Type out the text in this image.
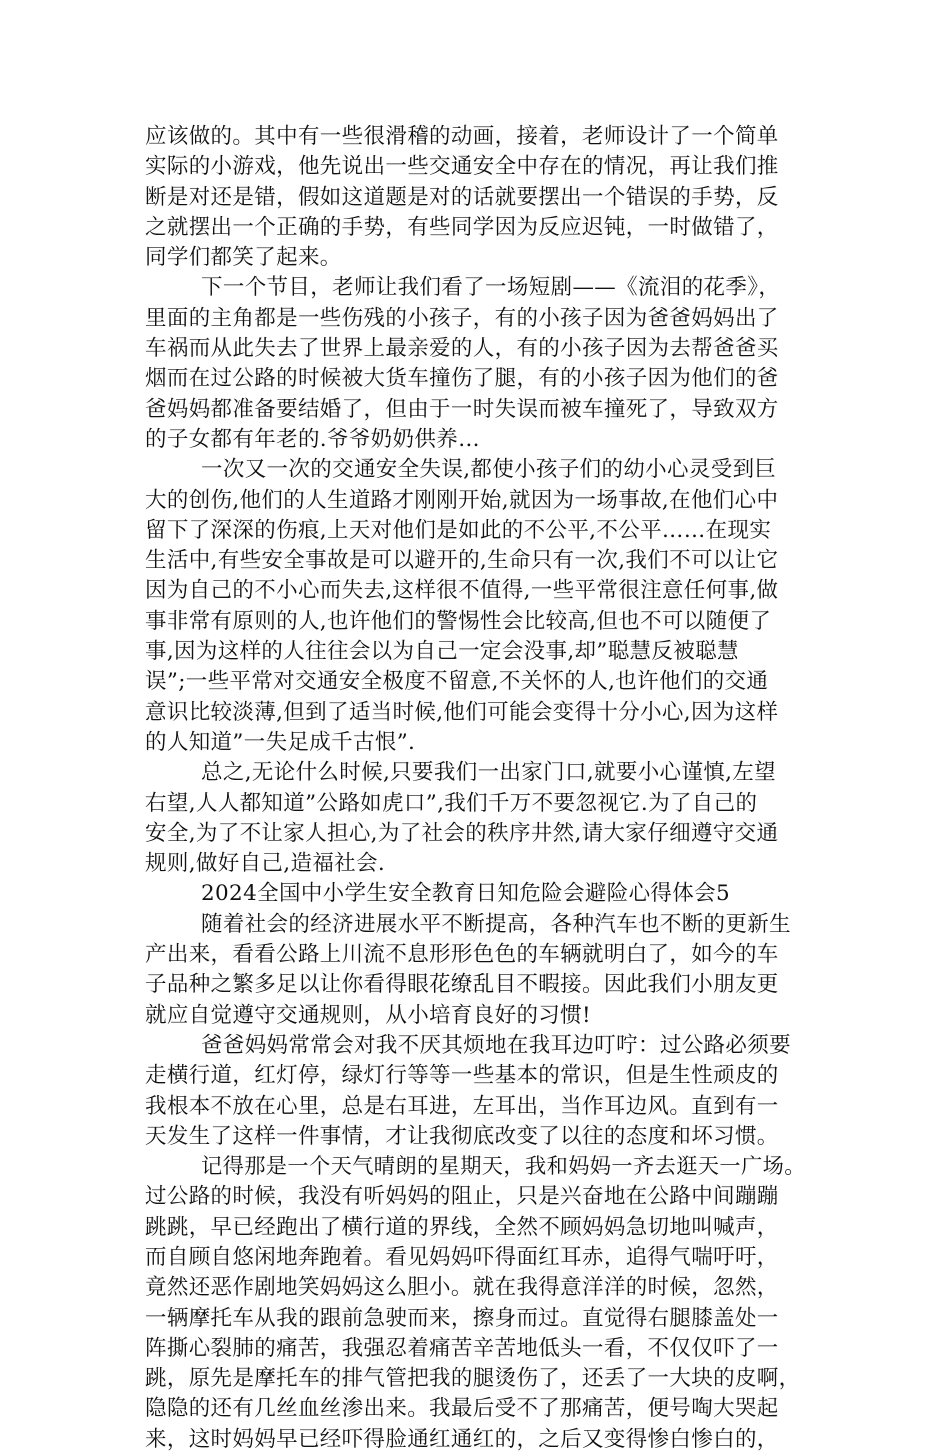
应该做的。其中有一些很滑稽的动画，接着，老师设计了一个简单
实际的小游戏，他先说出一些交通安全中存在的情况，再让我们推
断是对还是错，假如这道题是对的话就要摆出一个错误的手势，反
之就摆出一个正确的手势，有些同学因为反应迟钝，一时做错了，
同学们都笑了起来。
下一个节目，老师让我们看了一场短剧——《流泪的花季》，
里面的主角都是一些伤残的小孩子，有的小孩子因为爸爸妈妈出了
车祸而从此失去了世界上最亲爱的人，有的小孩子因为去帮爸爸买
烟而在过公路的时候被大货车撞伤了腿，有的小孩子因为他们的爸
爸妈妈都准备要结婚了，但由于一时失误而被车撞死了，导致双方
的子女都有年老的.爷爷奶奶供养…
一次又一次的交通安全失误,都使小孩子们的幼小心灵受到巨
大的创伤,他们的人生道路才刚刚开始,就因为一场事故,在他们心中
留下了深深的伤痕,上天对他们是如此的不公平,不公平……在现实
生活中,有些安全事故是可以避开的,生命只有一次,我们不可以让它
因为自己的不小心而失去,这样很不值得,一些平常很注意任何事,做
事非常有原则的人,也许他们的警惕性会比较高,但也不可以随便了
事,因为这样的人往往会以为自己一定会没事,却”聪慧反被聪慧
误”;一些平常对交通安全极度不留意,不关怀的人,也许他们的交通
意识比较淡薄,但到了适当时候,他们可能会变得十分小心,因为这样
的人知道”一失足成千古恨”.
总之,无论什么时候,只要我们一出家门口,就要小心谨慎,左望
右望,人人都知道”公路如虎口”,我们千万不要忽视它.为了自己的
安全,为了不让家人担心,为了社会的秩序井然,请大家仔细遵守交通
规则,做好自己,造福社会.
2024全国中小学生安全教育日知危险会避险心得体会5
随着社会的经济进展水平不断提高，各种汽车也不断的更新生
产出来，看看公路上川流不息形形色色的车辆就明白了，如今的车
子品种之繁多足以让你看得眼花缭乱目不暇接。因此我们小朋友更
就应自觉遵守交通规则，从小培育良好的习惯!
爸爸妈妈常常会对我不厌其烦地在我耳边叮咛：过公路必须要
走横行道，红灯停，绿灯行等等一些基本的常识，但是生性顽皮的
我根本不放在心里，总是右耳进，左耳出，当作耳边风。直到有一
天发生了这样一件事情，才让我彻底改变了以往的态度和坏习惯。
记得那是一个天气晴朗的星期天，我和妈妈一齐去逛天一广场。
过公路的时候，我没有听妈妈的阻止，只是兴奋地在公路中间蹦蹦
跳跳，早已经跑出了横行道的界线，全然不顾妈妈急切地叫喊声，
而自顾自悠闲地奔跑着。看见妈妈吓得面红耳赤，追得气喘吁吁，
竟然还恶作剧地笑妈妈这么胆小。就在我得意洋洋的时候，忽然，
一辆摩托车从我的跟前急驶而来，擦身而过。直觉得右腿膝盖处一
阵撕心裂肺的痛苦，我强忍着痛苦辛苦地低头一看，不仅仅吓了一
跳，原先是摩托车的排气管把我的腿烫伤了，还丢了一大块的皮啊，
隐隐的还有几丝血丝渗出来。我最后受不了那痛苦，便号啕大哭起
来，这时妈妈早已经吓得脸通红通红的，之后又变得惨白惨白的，
